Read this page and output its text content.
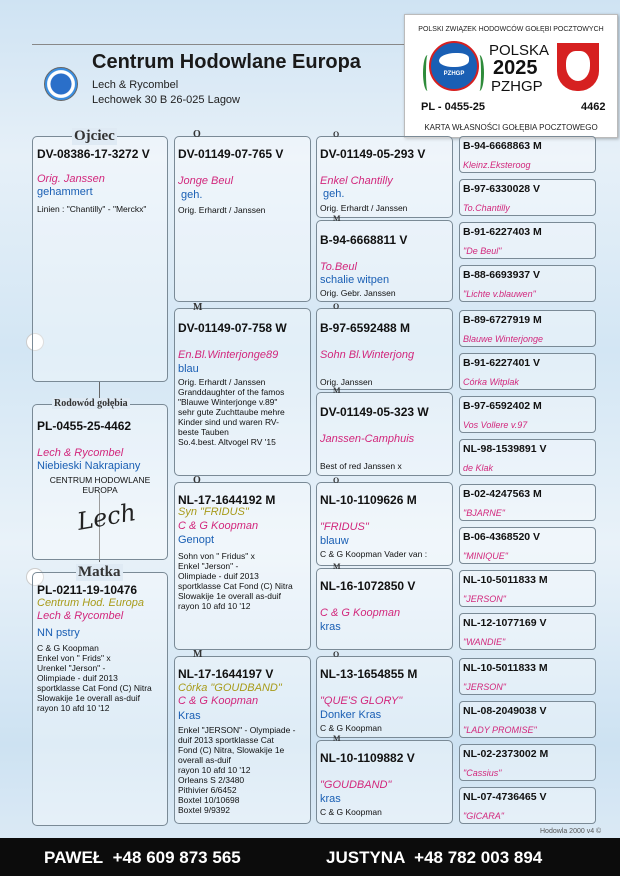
Centrum Hodowlane Europa
Lech & Rycombel
Lechowek 30 B 26-025 Lagow
POLSKI ZWIĄZEK HODOWCÓW GOŁĘBI POCZTOWYCH
PZHGP
POLSKA
2025
PZHGP
PL - 0455-25	4462
KARTA WŁASNOŚCI GOŁĘBIA POCZTOWEGO
DV-08386-17-3272 V
Orig. Janssen
gehammert
Linien : "Chantilly" - "Merckx"
Ojciec
PL-0455-25-4462
Lech & Rycombel
Niebieski Nakrapiany
CENTRUM HODOWLANE
EUROPA
Lech
Rodowód gołębia
PL-0211-19-10476
Centrum Hod. Europa
Lech & Rycombel
NN pstry
C & G Koopman
Enkel von " Frids" x
Urenkel "Jerson" -
Olimpiade - duif 2013
sportklasse Cat Fond (C) Nitra
Slowakije 1e overall as-duif
rayon 10 afd 10 '12
Matka
DV-01149-07-765 V
Jonge Beul
geh.
Orig. Erhardt / Janssen
O
DV-01149-07-758 W
En.Bl.Winterjonge89
blau
Orig. Erhardt / Janssen
Granddaughter of the famos
"Blauwe Winterjonge v.89"
sehr gute Zuchttaube mehre
Kinder sind und waren RV-
beste Tauben
So.4.best. Altvogel RV '15
M
NL-17-1644192 M
Syn "FRIDUS"
C & G Koopman
Genopt
Sohn von " Fridus" x
Enkel "Jerson" -
Olimpiade - duif 2013
sportklasse Cat Fond (C) Nitra
Slowakije 1e overall as-duif
rayon 10 afd 10 '12
O
NL-17-1644197 V
Córka "GOUDBAND"
C & G Koopman
Kras
Enkel "JERSON" - Olympiade -
duif 2013 sportklasse Cat
Fond (C) Nitra, Slowakije 1e
overall as-duif
rayon 10 afd 10 '12
Orleans S 2/3480
Pithivier 6/6452
Boxtel 10/10698
Boxtel 9/9392
M
DV-01149-05-293 V
Enkel Chantilly
geh.
Orig. Erhardt / Janssen
O
B-94-6668811 V
To.Beul
schalie witpen
Orig. Gebr. Janssen
M
B-97-6592488 M
Sohn Bl.Winterjong
Orig. Janssen
O
DV-01149-05-323 W
Janssen-Camphuis
Best of red Janssen x
M
NL-10-1109626 M
"FRIDUS"
blauw
C & G Koopman Vader van :
O
NL-16-1072850 V
C & G Koopman
kras
M
NL-13-1654855 M
"QUE'S GLORY"
Donker Kras
C & G Koopman
O
NL-10-1109882 V
"GOUDBAND"
kras
C & G Koopman
M
B-94-6668863 M
Kleinz.Eksteroog
B-97-6330028 V
To.Chantilly
B-91-6227403 M
"De Beul"
B-88-6693937 V
"Lichte v.blauwen"
B-89-6727919 M
Blauwe Winterjonge
B-91-6227401 V
Córka Witplak
B-97-6592402 M
Vos Vollere v.97
NL-98-1539891 V
de Klak
B-02-4247563 M
"BJARNE"
B-06-4368520 V
"MINIQUE"
NL-10-5011833 M
"JERSON"
NL-12-1077169 V
"WANDIE"
NL-10-5011833 M
"JERSON"
NL-08-2049038 V
"LADY PROMISE"
NL-02-2373002 M
"Cassius"
NL-07-4736465 V
"GICARA"
Hodowla 2000 v4 ©
PAWEŁ  +48 609 873 565	JUSTYNA  +48 782 003 894
